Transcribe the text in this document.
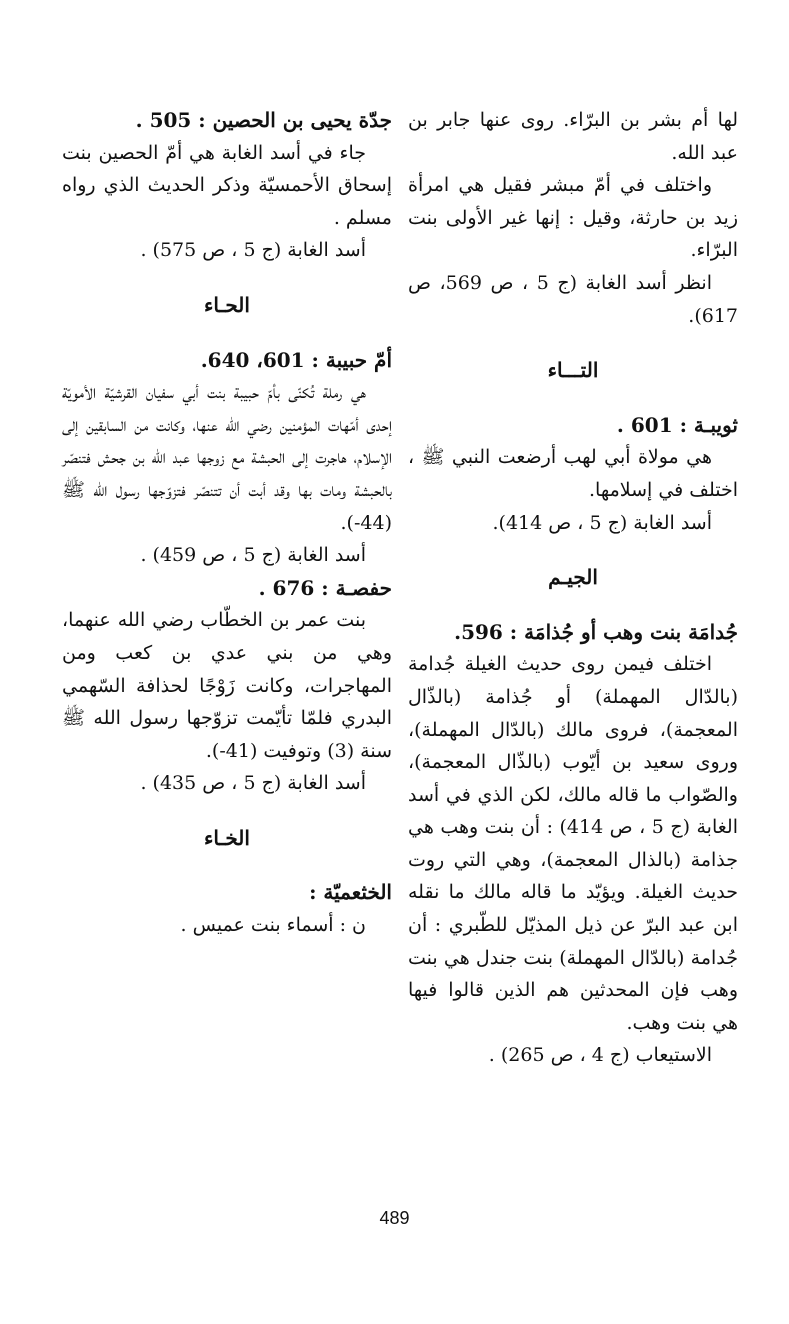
لها أم بشر بن البرّاء. روى عنها جابر بن عبد الله.

واختلف في أمّ مبشر فقيل هي امرأة زيد بن حارثة، وقيل : إنها غير الأولى بنت البرّاء.

انظر أسد الغابة (ج 5 ، ص 569، ص 617).

التـــاء

ثويبـة : 601 .

هي مولاة أبي لهب أرضعت النبي ﷺ ، اختلف في إسلامها.

أسد الغابة (ج 5 ، ص 414).

الجيـم

جُدامَة بنت وهب أو جُذامَة : 596.

اختلف فيمن روى حديث الغيلة جُدامة (بالدّال المهملة) أو جُذامة (بالذّال المعجمة)، فروى مالك (بالدّال المهملة)، وروى سعيد بن أيّوب (بالذّال المعجمة)، والصّواب ما قاله مالك، لكن الذي في أسد الغابة (ج 5 ، ص 414) : أن بنت وهب هي جذامة (بالذال المعجمة)، وهي التي روت حديث الغيلة. ويؤيّد ما قاله مالك ما نقله ابن عبد البرّ عن ذيل المذيّل للطّبري : أن جُدامة (بالدّال المهملة) بنت جندل هي بنت وهب فإن المحدثين هم الذين قالوا فيها هي بنت وهب.

الاستيعاب (ج 4 ، ص 265) .

جدّة يحيى بن الحصين : 505 .

جاء في أسد الغابة هي أمّ الحصين بنت إسحاق الأحمسيّة وذكر الحديث الذي رواه مسلم .

أسد الغابة (ج 5 ، ص 575) .

الحـاء

أمّ حبيبة : 601، 640.

هي رملة تُكنّى بأمّ حبيبة بنت أبي سفيان القرشيّة الأمويّة إحدى أمّهات المؤمنين رضي الله عنها، وكانت من السابقين إلى الإسلام، هاجرت إلى الحبشة مع زوجها عبد الله بن جحش فتنصّر بالحبشة ومات بها وقد أبت أن تتنصّر فتزوّجها رسول الله ﷺ (44-).

أسد الغابة (ج 5 ، ص 459) .

حفصـة : 676 .

بنت عمر بن الخطّاب رضي الله عنهما، وهي من بني عدي بن كعب ومن المهاجرات، وكانت زَوْجًا لحذافة السّهمي البدري فلمّا تأيّمت تزوّجها رسول الله ﷺ سنة (3) وتوفيت (41-).

أسد الغابة (ج 5 ، ص 435) .

الخـاء

الخثعميّة :

ن : أسماء بنت عميس .

489
